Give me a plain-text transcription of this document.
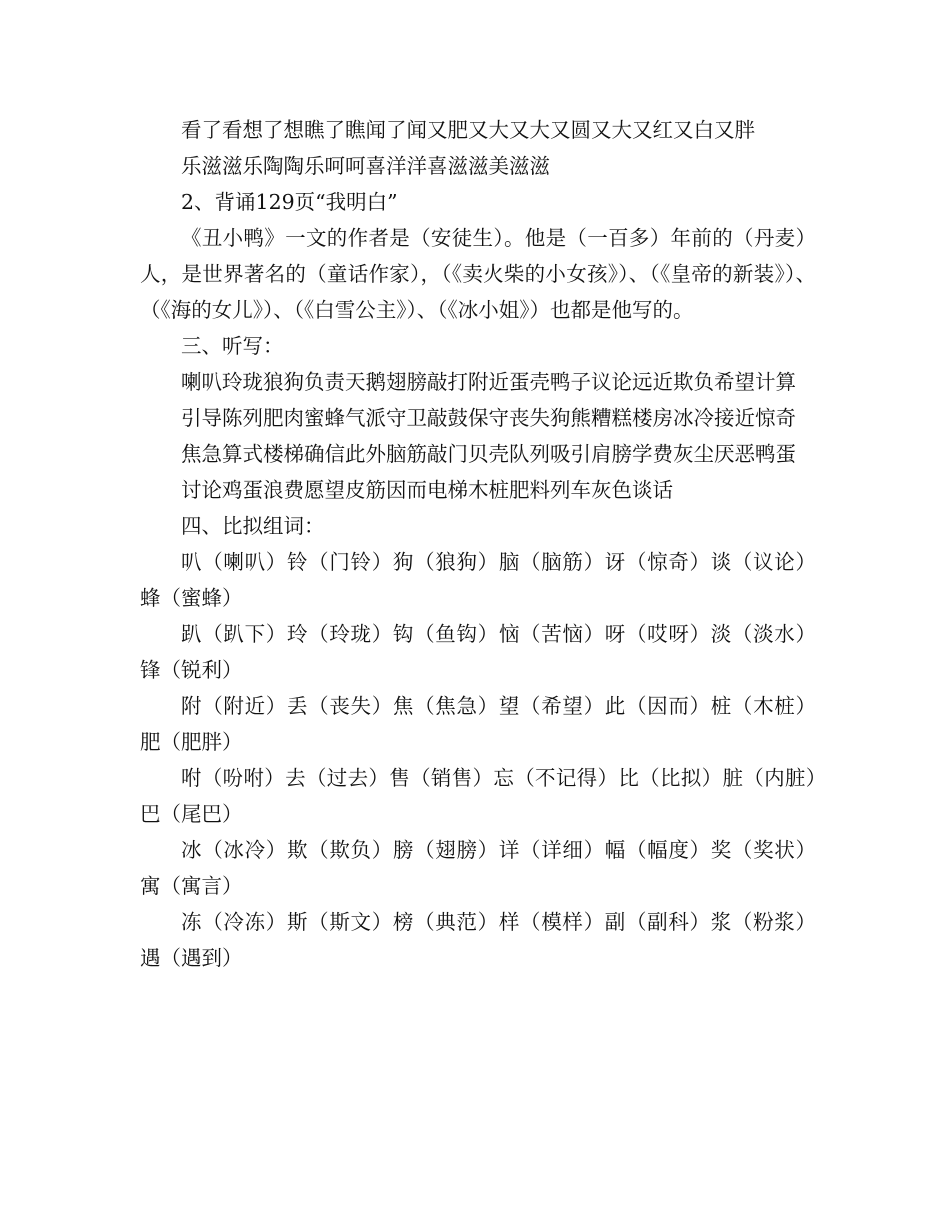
看了看想了想瞧了瞧闻了闻又肥又大又大又圆又大又红又白又胖

乐滋滋乐陶陶乐呵呵喜洋洋喜滋滋美滋滋

2、背诵129页“我明白”

《丑小鸭》一文的作者是（安徒生）。他是（一百多）年前的（丹麦）人，是世界著名的（童话作家），（《卖火柴的小女孩》）、（《皇帝的新装》）、（《海的女儿》）、（《白雪公主》）、（《冰小姐》）也都是他写的。

三、听写：

喇叭玲珑狼狗负责天鹅翅膀敲打附近蛋壳鸭子议论远近欺负希望计算

引导陈列肥肉蜜蜂气派守卫敲鼓保守丧失狗熊糟糕楼房冰冷接近惊奇

焦急算式楼梯确信此外脑筋敲门贝壳队列吸引肩膀学费灰尘厌恶鸭蛋

讨论鸡蛋浪费愿望皮筋因而电梯木桩肥料列车灰色谈话

四、比拟组词：

叭（喇叭）铃（门铃）狗（狼狗）脑（脑筋）讶（惊奇）谈（议论）蜂（蜜蜂）

趴（趴下）玲（玲珑）钩（鱼钩）恼（苦恼）呀（哎呀）淡（淡水）锋（锐利）

附（附近）丢（丧失）焦（焦急）望（希望）此（因而）桩（木桩）肥（肥胖）

咐（吩咐）去（过去）售（销售）忘（不记得）比（比拟）脏（内脏）巴（尾巴）

冰（冰冷）欺（欺负）膀（翅膀）详（详细）幅（幅度）奖（奖状）寓（寓言）

冻（冷冻）斯（斯文）榜（典范）样（模样）副（副科）浆（粉浆）遇（遇到）
